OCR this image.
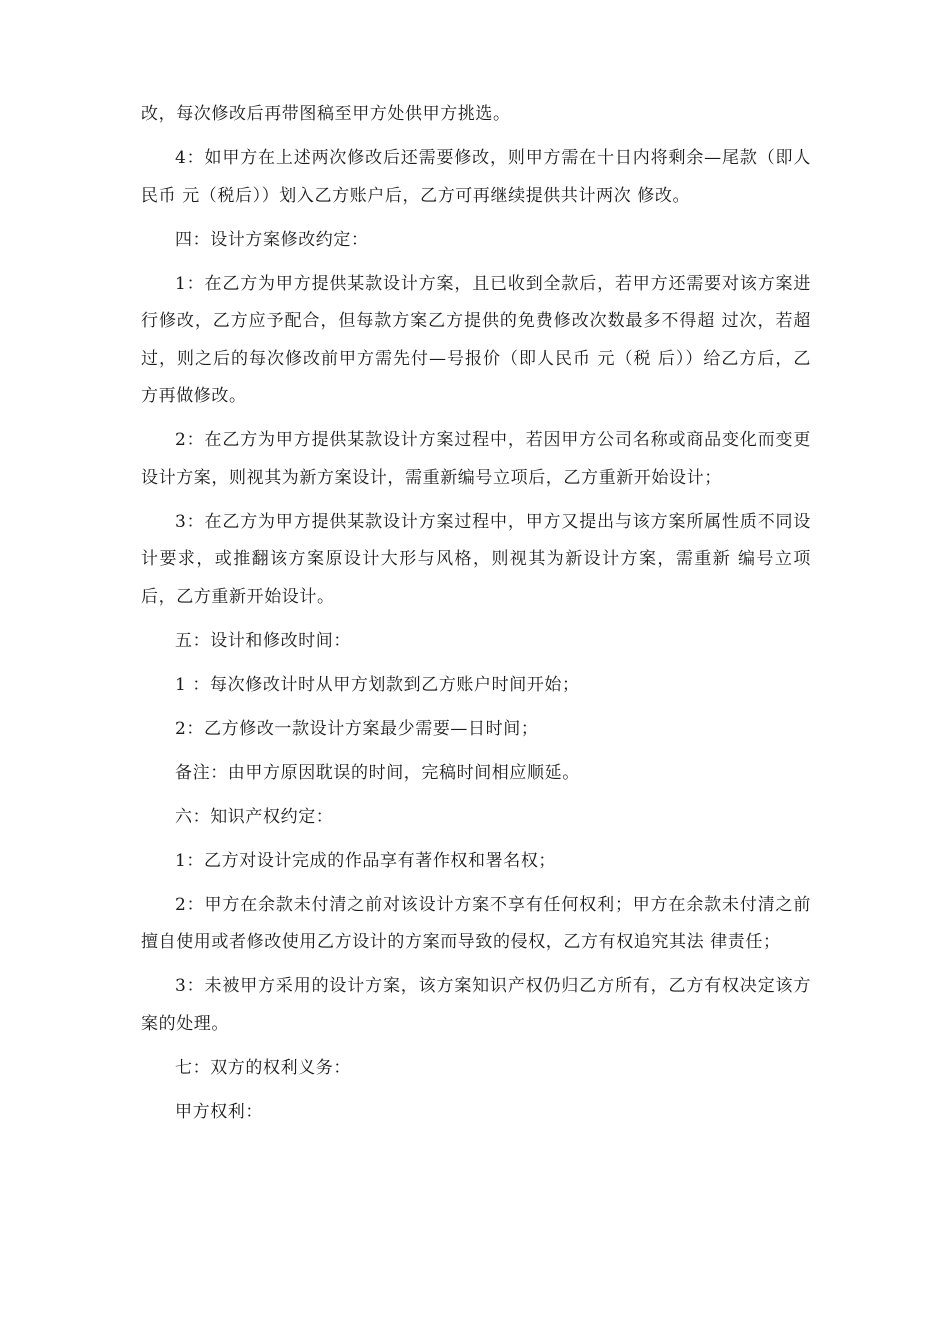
改，每次修改后再带图稿至甲方处供甲方挑选。

4：如甲方在上述两次修改后还需要修改，则甲方需在十日内将剩余—尾款（即人民币 元（税后））划入乙方账户后，乙方可再继续提供共计两次 修改。

四：设计方案修改约定：

1：在乙方为甲方提供某款设计方案，且已收到全款后，若甲方还需要对该方案进行修改，乙方应予配合，但每款方案乙方提供的免费修改次数最多不得超 过次，若超过，则之后的每次修改前甲方需先付—号报价（即人民币 元（税 后））给乙方后，乙方再做修改。

2：在乙方为甲方提供某款设计方案过程中，若因甲方公司名称或商品变化而变更设计方案，则视其为新方案设计，需重新编号立项后，乙方重新开始设计；

3：在乙方为甲方提供某款设计方案过程中，甲方又提出与该方案所属性质不同设计要求，或推翻该方案原设计大形与风格，则视其为新设计方案，需重新 编号立项后，乙方重新开始设计。

五：设计和修改时间：

1 ：每次修改计时从甲方划款到乙方账户时间开始；

2：乙方修改一款设计方案最少需要—日时间；

备注：由甲方原因耽误的时间，完稿时间相应顺延。

六：知识产权约定：

1：乙方对设计完成的作品享有著作权和署名权；

2：甲方在余款未付清之前对该设计方案不享有任何权利；甲方在余款未付清之前擅自使用或者修改使用乙方设计的方案而导致的侵权，乙方有权追究其法 律责任；

3：未被甲方采用的设计方案，该方案知识产权仍归乙方所有，乙方有权决定该方案的处理。

七：双方的权利义务：

甲方权利：
